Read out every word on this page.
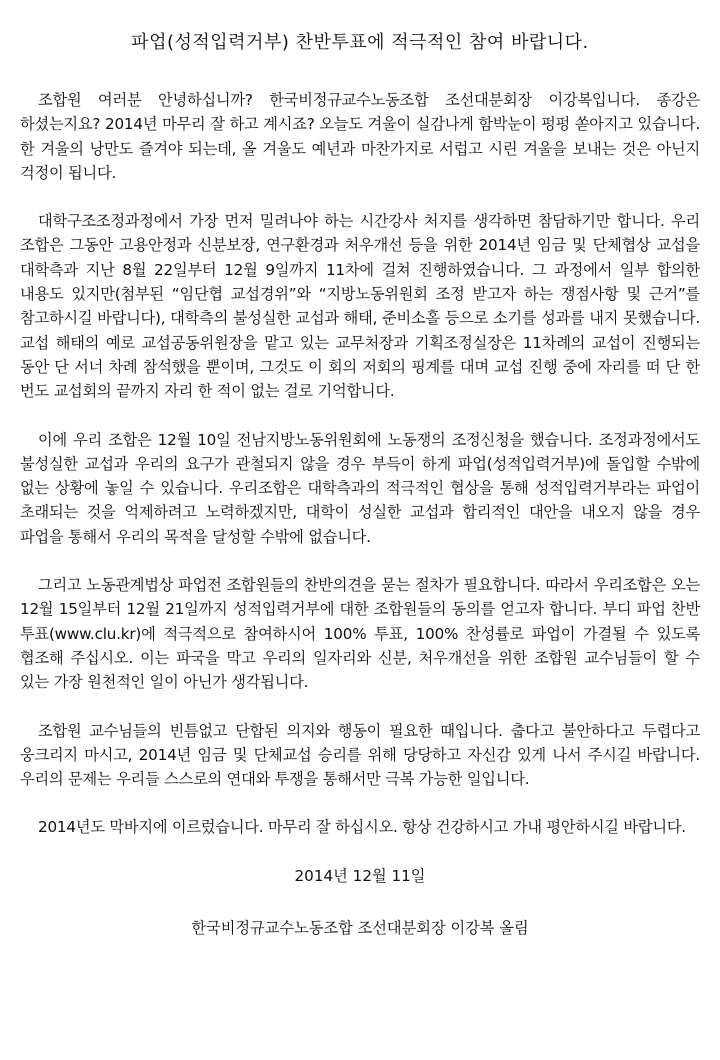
파업(성적입력거부) 찬반투표에 적극적인 참여 바랍니다.

조합원 여러분 안녕하십니까? 한국비정규교수노동조합 조선대분회장 이강복입니다. 종강은 하셨는지요? 2014년 마무리 잘 하고 계시죠? 오늘도 겨울이 실감나게 함박눈이 펑펑 쏟아지고 있습니다. 한 겨울의 낭만도 즐겨야 되는데, 올 겨울도 예년과 마찬가지로 서럽고 시린 겨울을 보내는 것은 아닌지 걱정이 됩니다.

대학구조조정과정에서 가장 먼저 밀려나야 하는 시간강사 처지를 생각하면 참담하기만 합니다. 우리 조합은 그동안 고용안정과 신분보장, 연구환경과 처우개선 등을 위한 2014년 임금 및 단체협상 교섭을 대학측과 지난 8월 22일부터 12월 9일까지 11차에 걸쳐 진행하였습니다. 그 과정에서 일부 합의한 내용도 있지만(첨부된 “임단협 교섭경위”와 “지방노동위원회 조정 받고자 하는 쟁점사항 및 근거”를 참고하시길 바랍니다), 대학측의 불성실한 교섭과 해태, 준비소홀 등으로 소기를 성과를 내지 못했습니다. 교섭 해태의 예로 교섭공동위원장을 맡고 있는 교무처장과 기획조정실장은 11차례의 교섭이 진행되는 동안 단 서너 차례 참석했을 뿐이며, 그것도 이 회의 저회의 핑계를 대며 교섭 진행 중에 자리를 떠 단 한 번도 교섭회의 끝까지 자리 한 적이 없는 걸로 기억합니다.

이에 우리 조합은 12월 10일 전남지방노동위원회에 노동쟁의 조정신청을 했습니다. 조정과정에서도 불성실한 교섭과 우리의 요구가 관철되지 않을 경우 부득이 하게 파업(성적입력거부)에 돌입할 수밖에 없는 상황에 놓일 수 있습니다. 우리조합은 대학측과의 적극적인 협상을 통해 성적입력거부라는 파업이 초래되는 것을 억제하려고 노력하겠지만, 대학이 성실한 교섭과 합리적인 대안을 내오지 않을 경우 파업을 통해서 우리의 목적을 달성할 수밖에 없습니다.

그리고 노동관계법상 파업전 조합원들의 찬반의견을 묻는 절차가 필요합니다. 따라서 우리조합은 오는 12월 15일부터 12월 21일까지 성적입력거부에 대한 조합원들의 동의를 얻고자 합니다. 부디 파업 찬반 투표(www.clu.kr)에 적극적으로 참여하시어 100% 투표, 100% 찬성률로 파업이 가결될 수 있도록 협조해 주십시오. 이는 파국을 막고 우리의 일자리와 신분, 처우개선을 위한 조합원 교수님들이 할 수 있는 가장 원천적인 일이 아닌가 생각됩니다.

조합원 교수님들의 빈틈없고 단합된 의지와 행동이 필요한 때입니다. 춥다고 불안하다고 두렵다고 웅크리지 마시고, 2014년 임금 및 단체교섭 승리를 위해 당당하고 자신감 있게 나서 주시길 바랍니다. 우리의 문제는 우리들 스스로의 연대와 투쟁을 통해서만 극복 가능한 일입니다.

2014년도 막바지에 이르렀습니다. 마무리 잘 하십시오. 항상 건강하시고 가내 평안하시길 바랍니다.

2014년 12월 11일

한국비정규교수노동조합 조선대분회장 이강복 올림
